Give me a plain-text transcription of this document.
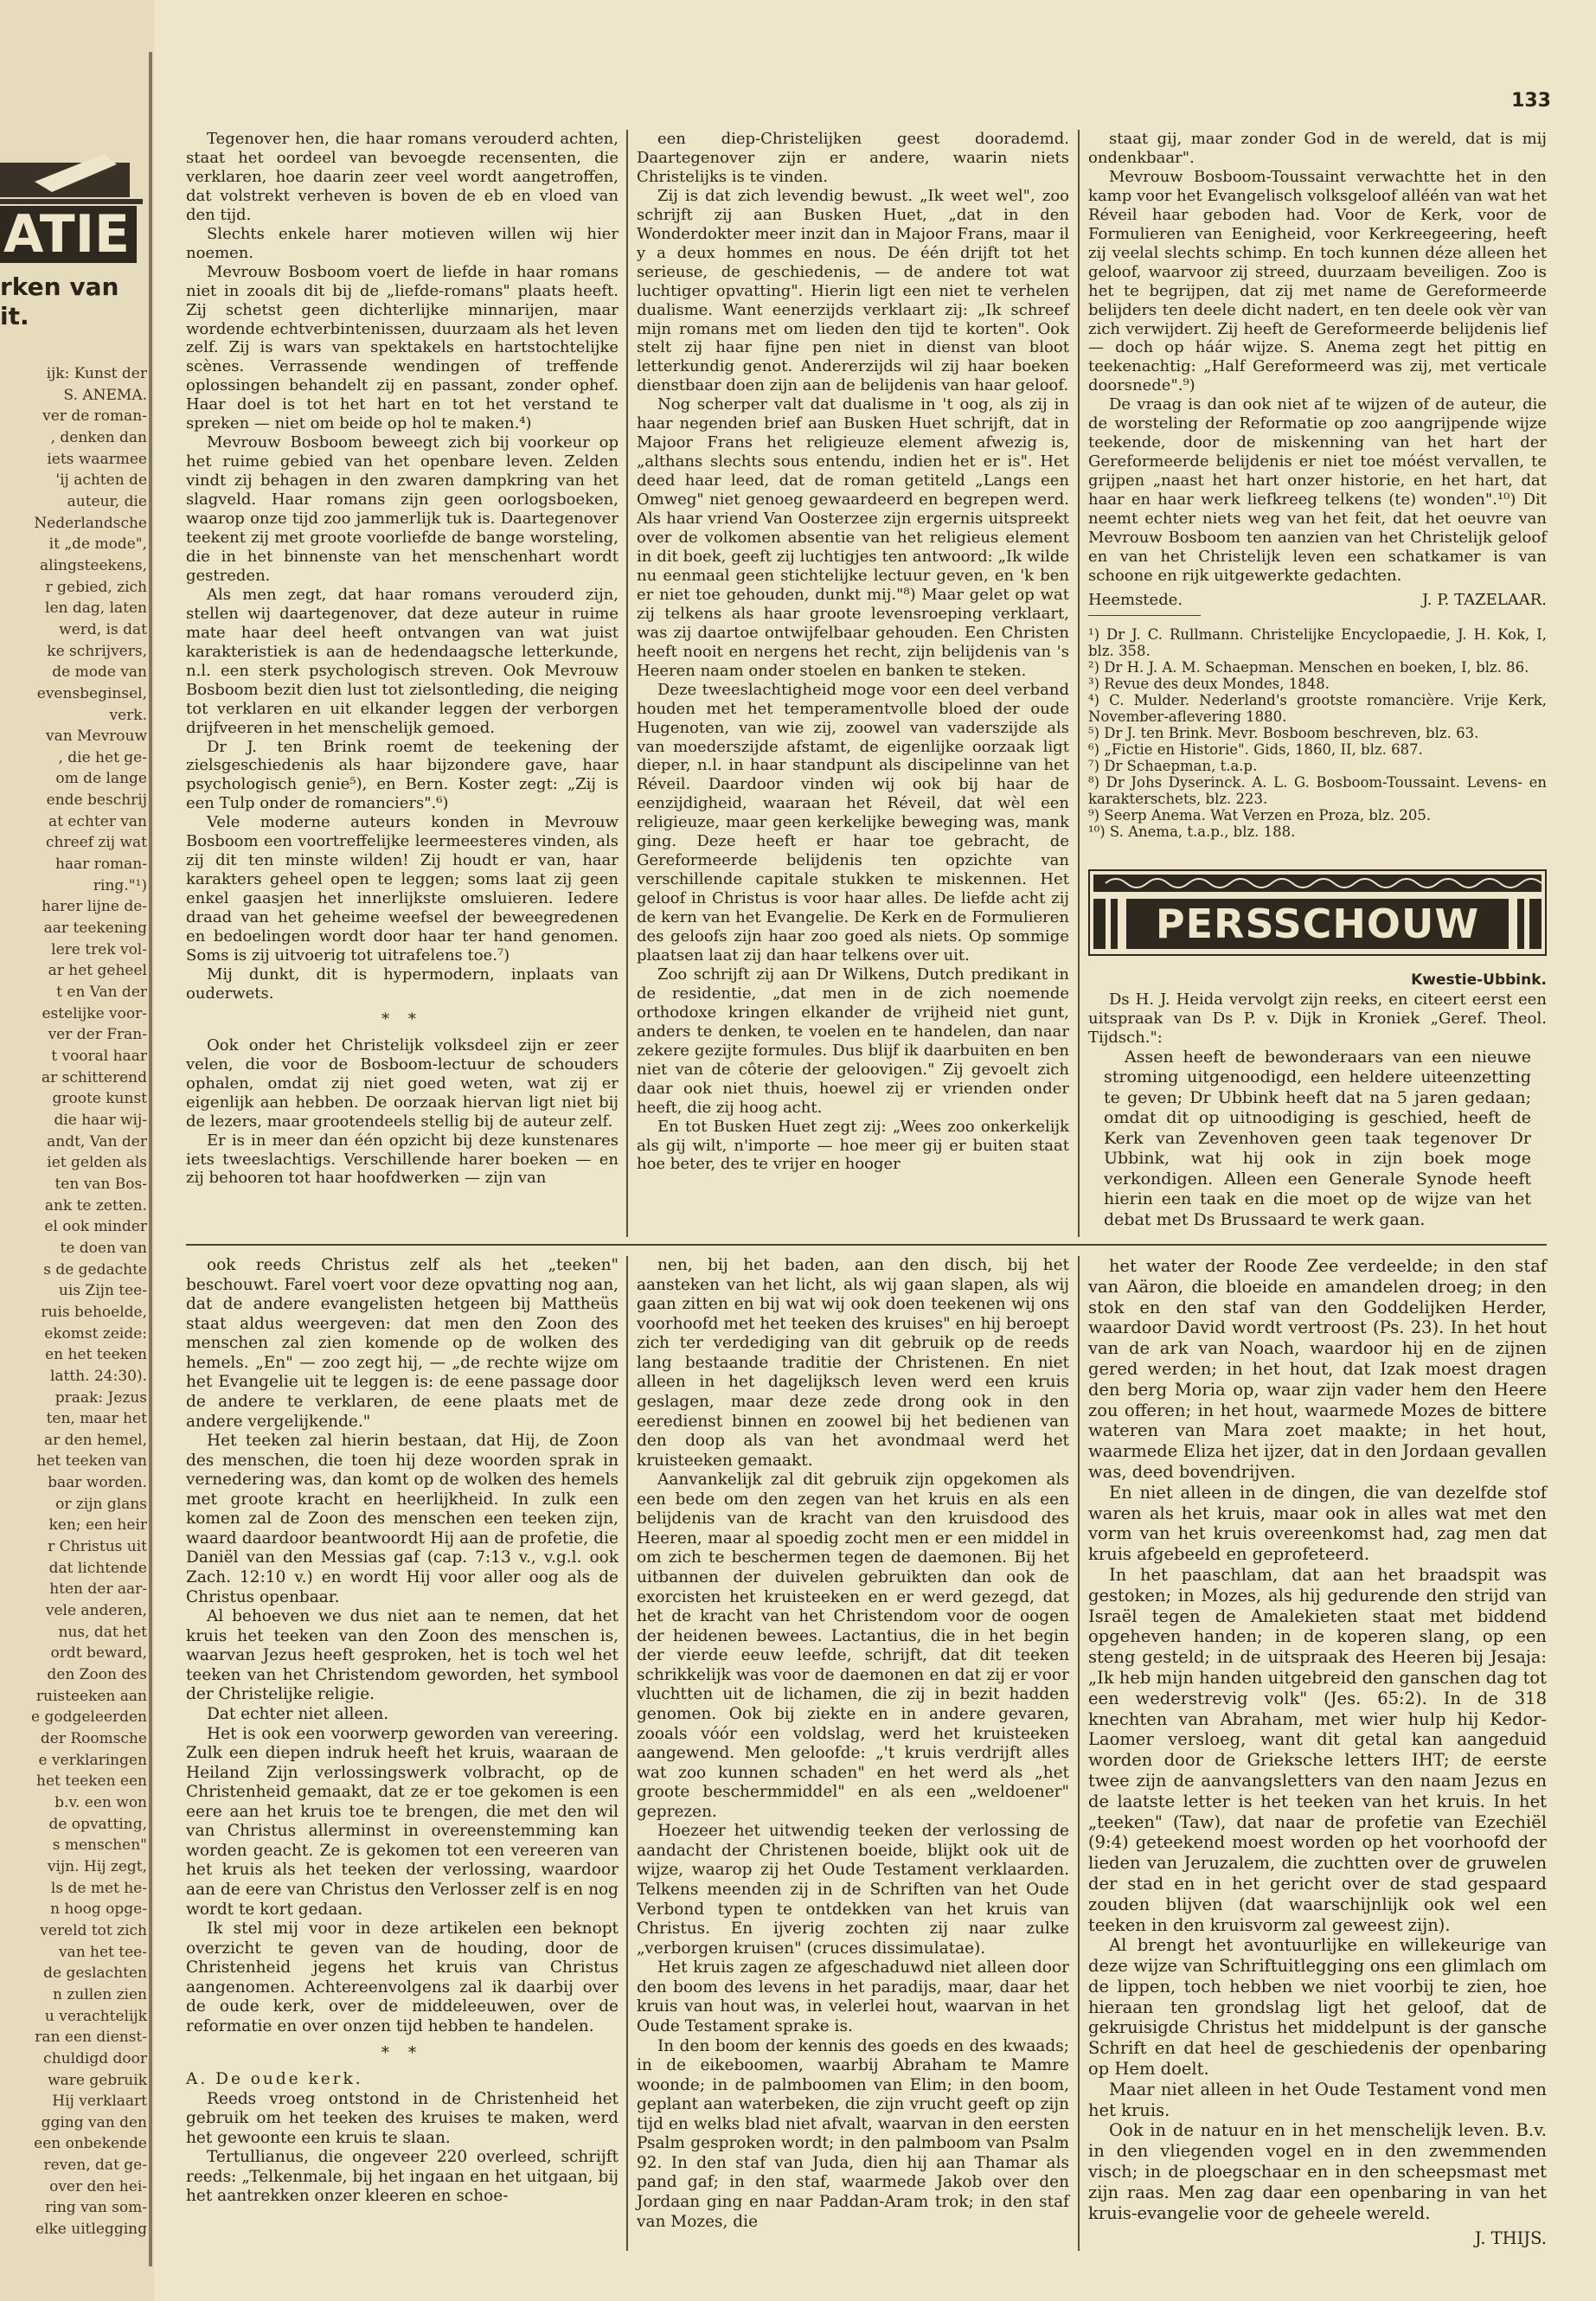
ATIE
rken van
it.
ijk: Kunst der
S. ANEMA.
ver de roman-
, denken dan
iets waarmee
'ij achten de
auteur, die
Nederlandsche
it „de mode",
alingsteekens,
r gebied, zich
len dag, laten
werd, is dat
ke schrijvers,
de mode van
evensbeginsel,
verk.
van Mevrouw
, die het ge-
om de lange
ende beschrij
at echter van
chreef zij wat
haar roman-
ring."¹)
harer lijne de-
aar teekening
lere trek vol-
ar het geheel
t en Van der
estelijke voor-
ver der Fran-
t vooral haar
ar schitterend
groote kunst
die haar wij-
andt, Van der
iet gelden als
ten van Bos-
ank te zetten.
el ook minder
te doen van
s de gedachte
uis Zijn tee-
ruis behoelde,
ekomst zeide:
en het teeken
latth. 24:30).
praak: Jezus
ten, maar het
ar den hemel,
het teeken van
baar worden.
or zijn glans
ken; een heir
r Christus uit
dat lichtende
hten der aar-
vele anderen,
nus, dat het
ordt beward,
den Zoon des
ruisteeken aan
e godgeleerden
der Roomsche
e verklaringen
het teeken een
b.v. een won
de opvatting,
s menschen"
vijn. Hij zegt,
ls de met he-
n hoog opge-
vereld tot zich
van het tee-
de geslachten
n zullen zien
u verachtelijk
ran een dienst-
chuldigd door
ware gebruik
Hij verklaart
gging van den
een onbekende
reven, dat ge-
over den hei-
ring van som-
elke uitlegging
133

Tegenover hen, die haar romans verouderd achten, staat het oordeel van bevoegde recensenten, die verklaren, hoe daarin zeer veel wordt aangetroffen, dat volstrekt verheven is boven de eb en vloed van den tijd.

Slechts enkele harer motieven willen wij hier noemen.

Mevrouw Bosboom voert de liefde in haar romans niet in zooals dit bij de „liefde-romans" plaats heeft. Zij schetst geen dichterlijke minnarijen, maar wordende echtverbintenissen, duurzaam als het leven zelf. Zij is wars van spektakels en hartstochtelijke scènes. Verrassende wendingen of treffende oplossingen behandelt zij en passant, zonder ophef. Haar doel is tot het hart en tot het verstand te spreken — niet om beide op hol te maken.⁴)

Mevrouw Bosboom beweegt zich bij voorkeur op het ruime gebied van het openbare leven. Zelden vindt zij behagen in den zwaren dampkring van het slagveld. Haar romans zijn geen oorlogsboeken, waarop onze tijd zoo jammerlijk tuk is. Daartegenover teekent zij met groote voorliefde de bange worsteling, die in het binnenste van het menschenhart wordt gestreden.

Als men zegt, dat haar romans verouderd zijn, stellen wij daartegenover, dat deze auteur in ruime mate haar deel heeft ontvangen van wat juist karakteristiek is aan de hedendaagsche letterkunde, n.l. een sterk psychologisch streven. Ook Mevrouw Bosboom bezit dien lust tot zielsontleding, die neiging tot verklaren en uit elkander leggen der verborgen drijfveeren in het menschelijk gemoed.

Dr J. ten Brink roemt de teekening der zielsgeschiedenis als haar bijzondere gave, haar psychologisch genie⁵), en Bern. Koster zegt: „Zij is een Tulp onder de romanciers".⁶)

Vele moderne auteurs konden in Mevrouw Bosboom een voortreffelijke leermeesteres vinden, als zij dit ten minste wilden! Zij houdt er van, haar karakters geheel open te leggen; soms laat zij geen enkel gaasjen het innerlijkste omsluieren. Iedere draad van het geheime weefsel der beweegredenen en bedoelingen wordt door haar ter hand genomen. Soms is zij uitvoerig tot uitrafelens toe.⁷)

Mij dunkt, dit is hypermodern, inplaats van ouderwets.

* *

Ook onder het Christelijk volksdeel zijn er zeer velen, die voor de Bosboom-lectuur de schouders ophalen, omdat zij niet goed weten, wat zij er eigenlijk aan hebben. De oorzaak hiervan ligt niet bij de lezers, maar grootendeels stellig bij de auteur zelf.

Er is in meer dan één opzicht bij deze kunstenares iets tweeslachtigs. Verschillende harer boeken — en zij behooren tot haar hoofdwerken — zijn van

een diep-Christelijken geest doorademd. Daartegenover zijn er andere, waarin niets Christelijks is te vinden.

Zij is dat zich levendig bewust. „Ik weet wel", zoo schrijft zij aan Busken Huet, „dat in den Wonderdokter meer inzit dan in Majoor Frans, maar il y a deux hommes en nous. De één drijft tot het serieuse, de geschiedenis, — de andere tot wat luchtiger opvatting". Hierin ligt een niet te verhelen dualisme. Want eenerzijds verklaart zij: „Ik schreef mijn romans met om lieden den tijd te korten". Ook stelt zij haar fijne pen niet in dienst van bloot letterkundig genot. Andererzijds wil zij haar boeken dienstbaar doen zijn aan de belijdenis van haar geloof.

Nog scherper valt dat dualisme in 't oog, als zij in haar negenden brief aan Busken Huet schrijft, dat in Majoor Frans het religieuze element afwezig is, „althans slechts sous entendu, indien het er is". Het deed haar leed, dat de roman getiteld „Langs een Omweg" niet genoeg gewaardeerd en begrepen werd. Als haar vriend Van Oosterzee zijn ergernis uitspreekt over de volkomen absentie van het religieus element in dit boek, geeft zij luchtigjes ten antwoord: „Ik wilde nu eenmaal geen stichtelijke lectuur geven, en 'k ben er niet toe gehouden, dunkt mij."⁸) Maar gelet op wat zij telkens als haar groote levensroeping verklaart, was zij daartoe ontwijfelbaar gehouden. Een Christen heeft nooit en nergens het recht, zijn belijdenis van 's Heeren naam onder stoelen en banken te steken.

Deze tweeslachtigheid moge voor een deel verband houden met het temperamentvolle bloed der oude Hugenoten, van wie zij, zoowel van vaderszijde als van moederszijde afstamt, de eigenlijke oorzaak ligt dieper, n.l. in haar standpunt als discipelinne van het Réveil. Daardoor vinden wij ook bij haar de eenzijdigheid, waaraan het Réveil, dat wèl een religieuze, maar geen kerkelijke beweging was, mank ging. Deze heeft er haar toe gebracht, de Gereformeerde belijdenis ten opzichte van verschillende capitale stukken te miskennen. Het geloof in Christus is voor haar alles. De liefde acht zij de kern van het Evangelie. De Kerk en de Formulieren des geloofs zijn haar zoo goed als niets. Op sommige plaatsen laat zij dan haar telkens over uit.

Zoo schrijft zij aan Dr Wilkens, Dutch predikant in de residentie, „dat men in de zich noemende orthodoxe kringen elkander de vrijheid niet gunt, anders te denken, te voelen en te handelen, dan naar zekere gezijte formules. Dus blijf ik daarbuiten en ben niet van de côterie der geloovigen." Zij gevoelt zich daar ook niet thuis, hoewel zij er vrienden onder heeft, die zij hoog acht.

En tot Busken Huet zegt zij: „Wees zoo onkerkelijk als gij wilt, n'importe — hoe meer gij er buiten staat hoe beter, des te vrijer en hooger

staat gij, maar zonder God in de wereld, dat is mij ondenkbaar".

Mevrouw Bosboom-Toussaint verwachtte het in den kamp voor het Evangelisch volksgeloof alléén van wat het Réveil haar geboden had. Voor de Kerk, voor de Formulieren van Eenigheid, voor Kerkreegeering, heeft zij veelal slechts schimp. En toch kunnen déze alleen het geloof, waarvoor zij streed, duurzaam beveiligen. Zoo is het te begrijpen, dat zij met name de Gereformeerde belijders ten deele dicht nadert, en ten deele ook vèr van zich verwijdert. Zij heeft de Gereformeerde belijdenis lief — doch op háár wijze. S. Anema zegt het pittig en teekenachtig: „Half Gereformeerd was zij, met verticale doorsnede".⁹)

De vraag is dan ook niet af te wijzen of de auteur, die de worsteling der Reformatie op zoo aangrijpende wijze teekende, door de miskenning van het hart der Gereformeerde belijdenis er niet toe móést vervallen, te grijpen „naast het hart onzer historie, en het hart, dat haar en haar werk liefkreeg telkens (te) wonden".¹⁰) Dit neemt echter niets weg van het feit, dat het oeuvre van Mevrouw Bosboom ten aanzien van het Christelijk geloof en van het Christelijk leven een schatkamer is van schoone en rijk uitgewerkte gedachten.

Heemstede.	J. P. TAZELAAR.

¹) Dr J. C. Rullmann. Christelijke Encyclopaedie, J. H. Kok, I, blz. 358.
²) Dr H. J. A. M. Schaepman. Menschen en boeken, I, blz. 86.
³) Revue des deux Mondes, 1848.
⁴) C. Mulder. Nederland's grootste romancière. Vrije Kerk, November-aflevering 1880.
⁵) Dr J. ten Brink. Mevr. Bosboom beschreven, blz. 63.
⁶) „Fictie en Historie". Gids, 1860, II, blz. 687.
⁷) Dr Schaepman, t.a.p.
⁸) Dr Johs Dyserinck. A. L. G. Bosboom-Toussaint. Levens- en karakterschets, blz. 223.
⁹) Seerp Anema. Wat Verzen en Proza, blz. 205.
¹⁰) S. Anema, t.a.p., blz. 188.
PERSSCHOUW

Kwestie-Ubbink.

Ds H. J. Heida vervolgt zijn reeks, en citeert eerst een uitspraak van Ds P. v. Dijk in Kroniek „Geref. Theol. Tijdsch.":

Assen heeft de bewonderaars van een nieuwe stroming uitgenoodigd, een heldere uiteenzetting te geven; Dr Ubbink heeft dat na 5 jaren gedaan; omdat dit op uitnoodiging is geschied, heeft de Kerk van Zevenhoven geen taak tegenover Dr Ubbink, wat hij ook in zijn boek moge verkondigen. Alleen een Generale Synode heeft hierin een taak en die moet op de wijze van het debat met Ds Brussaard te werk gaan.

ook reeds Christus zelf als het „teeken" beschouwt. Farel voert voor deze opvatting nog aan, dat de andere evangelisten hetgeen bij Mattheüs staat aldus weergeven: dat men den Zoon des menschen zal zien komende op de wolken des hemels. „En" — zoo zegt hij, — „de rechte wijze om het Evangelie uit te leggen is: de eene passage door de andere te verklaren, de eene plaats met de andere vergelijkende."

Het teeken zal hierin bestaan, dat Hij, de Zoon des menschen, die toen hij deze woorden sprak in vernedering was, dan komt op de wolken des hemels met groote kracht en heerlijkheid. In zulk een komen zal de Zoon des menschen een teeken zijn, waard daardoor beantwoordt Hij aan de profetie, die Daniël van den Messias gaf (cap. 7:13 v., v.g.l. ook Zach. 12:10 v.) en wordt Hij voor aller oog als de Christus openbaar.

Al behoeven we dus niet aan te nemen, dat het kruis het teeken van den Zoon des menschen is, waarvan Jezus heeft gesproken, het is toch wel het teeken van het Christendom geworden, het symbool der Christelijke religie.

Dat echter niet alleen.

Het is ook een voorwerp geworden van vereering. Zulk een diepen indruk heeft het kruis, waaraan de Heiland Zijn verlossingswerk volbracht, op de Christenheid gemaakt, dat ze er toe gekomen is een eere aan het kruis toe te brengen, die met den wil van Christus allerminst in overeenstemming kan worden geacht. Ze is gekomen tot een vereeren van het kruis als het teeken der verlossing, waardoor aan de eere van Christus den Verlosser zelf is en nog wordt te kort gedaan.

Ik stel mij voor in deze artikelen een beknopt overzicht te geven van de houding, door de Christenheid jegens het kruis van Christus aangenomen. Achtereenvolgens zal ik daarbij over de oude kerk, over de middeleeuwen, over de reformatie en over onzen tijd hebben te handelen.

* *

A. De oude kerk.

Reeds vroeg ontstond in de Christenheid het gebruik om het teeken des kruises te maken, werd het gewoonte een kruis te slaan.

Tertullianus, die ongeveer 220 overleed, schrijft reeds: „Telkenmale, bij het ingaan en het uitgaan, bij het aantrekken onzer kleeren en schoe-

nen, bij het baden, aan den disch, bij het aansteken van het licht, als wij gaan slapen, als wij gaan zitten en bij wat wij ook doen teekenen wij ons voorhoofd met het teeken des kruises" en hij beroept zich ter verdediging van dit gebruik op de reeds lang bestaande traditie der Christenen. En niet alleen in het dagelijksch leven werd een kruis geslagen, maar deze zede drong ook in den eeredienst binnen en zoowel bij het bedienen van den doop als van het avondmaal werd het kruisteeken gemaakt.

Aanvankelijk zal dit gebruik zijn opgekomen als een bede om den zegen van het kruis en als een belijdenis van de kracht van den kruisdood des Heeren, maar al spoedig zocht men er een middel in om zich te beschermen tegen de daemonen. Bij het uitbannen der duivelen gebruikten dan ook de exorcisten het kruisteeken en er werd gezegd, dat het de kracht van het Christendom voor de oogen der heidenen bewees. Lactantius, die in het begin der vierde eeuw leefde, schrijft, dat dit teeken schrikkelijk was voor de daemonen en dat zij er voor vluchtten uit de lichamen, die zij in bezit hadden genomen. Ook bij ziekte en in andere gevaren, zooals vóór een voldslag, werd het kruisteeken aangewend. Men geloofde: „'t kruis verdrijft alles wat zoo kunnen schaden" en het werd als „het groote beschermmiddel" en als een „weldoener" geprezen.

Hoezeer het uitwendig teeken der verlossing de aandacht der Christenen boeide, blijkt ook uit de wijze, waarop zij het Oude Testament verklaarden. Telkens meenden zij in de Schriften van het Oude Verbond typen te ontdekken van het kruis van Christus. En ijverig zochten zij naar zulke „verborgen kruisen" (cruces dissimulatae).

Het kruis zagen ze afgeschaduwd niet alleen door den boom des levens in het paradijs, maar, daar het kruis van hout was, in velerlei hout, waarvan in het Oude Testament sprake is.

In den boom der kennis des goeds en des kwaads; in de eikeboomen, waarbij Abraham te Mamre woonde; in de palmboomen van Elim; in den boom, geplant aan waterbeken, die zijn vrucht geeft op zijn tijd en welks blad niet afvalt, waarvan in den eersten Psalm gesproken wordt; in den palmboom van Psalm 92. In den staf van Juda, dien hij aan Thamar als pand gaf; in den staf, waarmede Jakob over den Jordaan ging en naar Paddan-Aram trok; in den staf van Mozes, die

het water der Roode Zee verdeelde; in den staf van Aäron, die bloeide en amandelen droeg; in den stok en den staf van den Goddelijken Herder, waardoor David wordt vertroost (Ps. 23). In het hout van de ark van Noach, waardoor hij en de zijnen gered werden; in het hout, dat Izak moest dragen den berg Moria op, waar zijn vader hem den Heere zou offeren; in het hout, waarmede Mozes de bittere wateren van Mara zoet maakte; in het hout, waarmede Eliza het ijzer, dat in den Jordaan gevallen was, deed bovendrijven.

En niet alleen in de dingen, die van dezelfde stof waren als het kruis, maar ook in alles wat met den vorm van het kruis overeenkomst had, zag men dat kruis afgebeeld en geprofeteerd.

In het paaschlam, dat aan het braadspit was gestoken; in Mozes, als hij gedurende den strijd van Israël tegen de Amalekieten staat met biddend opgeheven handen; in de koperen slang, op een steng gesteld; in de uitspraak des Heeren bij Jesaja: „Ik heb mijn handen uitgebreid den ganschen dag tot een wederstrevig volk" (Jes. 65:2). In de 318 knechten van Abraham, met wier hulp hij Kedor-Laomer versloeg, want dit getal kan aangeduid worden door de Grieksche letters IHT; de eerste twee zijn de aanvangsletters van den naam Jezus en de laatste letter is het teeken van het kruis. In het „teeken" (Taw), dat naar de profetie van Ezechiël (9:4) geteekend moest worden op het voorhoofd der lieden van Jeruzalem, die zuchtten over de gruwelen der stad en in het gericht over de stad gespaard zouden blijven (dat waarschijnlijk ook wel een teeken in den kruisvorm zal geweest zijn).

Al brengt het avontuurlijke en willekeurige van deze wijze van Schriftuitlegging ons een glimlach om de lippen, toch hebben we niet voorbij te zien, hoe hieraan ten grondslag ligt het geloof, dat de gekruisigde Christus het middelpunt is der gansche Schrift en dat heel de geschiedenis der openbaring op Hem doelt.

Maar niet alleen in het Oude Testament vond men het kruis.

Ook in de natuur en in het menschelijk leven. B.v. in den vliegenden vogel en in den zwemmenden visch; in de ploegschaar en in den scheepsmast met zijn raas. Men zag daar een openbaring in van het kruis-evangelie voor de geheele wereld.

J. THIJS.
